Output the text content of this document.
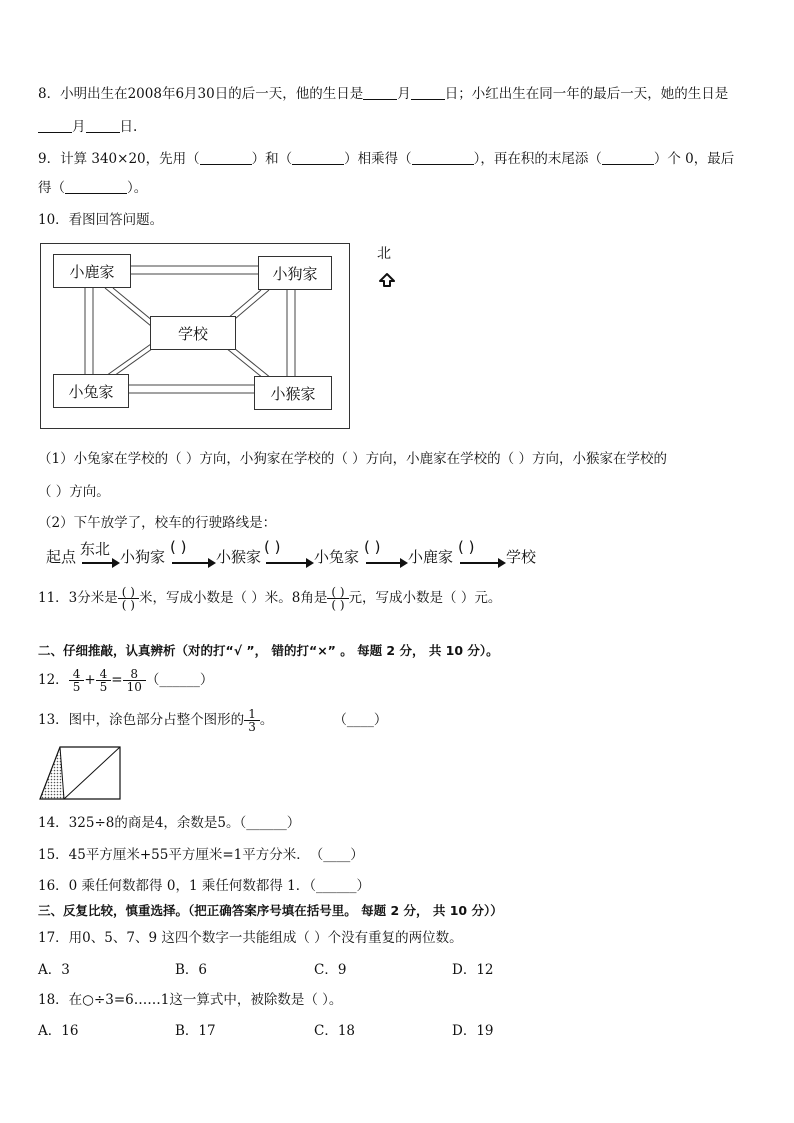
8．小明出生在2008年6月30日的后一天，他的生日是	月	日；小红出生在同一年的最后一天，她的生日是
月	日.
9．计算 340×20，先用（	）和（	）相乘得（	），再在积的末尾添（	）个 0，最后
得（	）。
10．看图回答问题。
小鹿家	小狗家
学校
小兔家	小猴家
北
（1）小兔家在学校的（ ）方向，小狗家在学校的（ ）方向，小鹿家在学校的（ ）方向，小猴家在学校的
（ ）方向。
（2）下午放学了，校车的行驶路线是：
起点 东北 小狗家
( )
小猴家
( )
小兔家
( )
小鹿家
( )
学校
11．3分米是 $\frac{( )}{( )}$ 米，写成小数是（ ）米。8角是 $\frac{( )}{( )}$ 元，写成小数是（ ）元。
二、仔细推敲，认真辨析（对的打“√ ”， 错的打“×” 。 每题 2 分， 共 10 分）。
12． $\frac{4}{5} + \frac{4}{5} = \frac{8}{10}$ （______）
13．图中，涂色部分占整个图形的 $\frac{1}{3}$ 。	（____）
14．325÷8的商是4，余数是5。（______）
15．45平方厘米+55平方厘米=1平方分米．　（____）
16．0 乘任何数都得 0，1 乘任何数都得 1．（______）
三、反复比较，慎重选择。（把正确答案序号填在括号里。 每题 2 分， 共 10 分））
17．用0、5、7、9 这四个数字一共能组成（ ）个没有重复的两位数。
A．3	B．6	C．9	D．12
18．在○÷3=6……1这一算式中，被除数是（ ）。
A．16	B．17	C．18	D．19
